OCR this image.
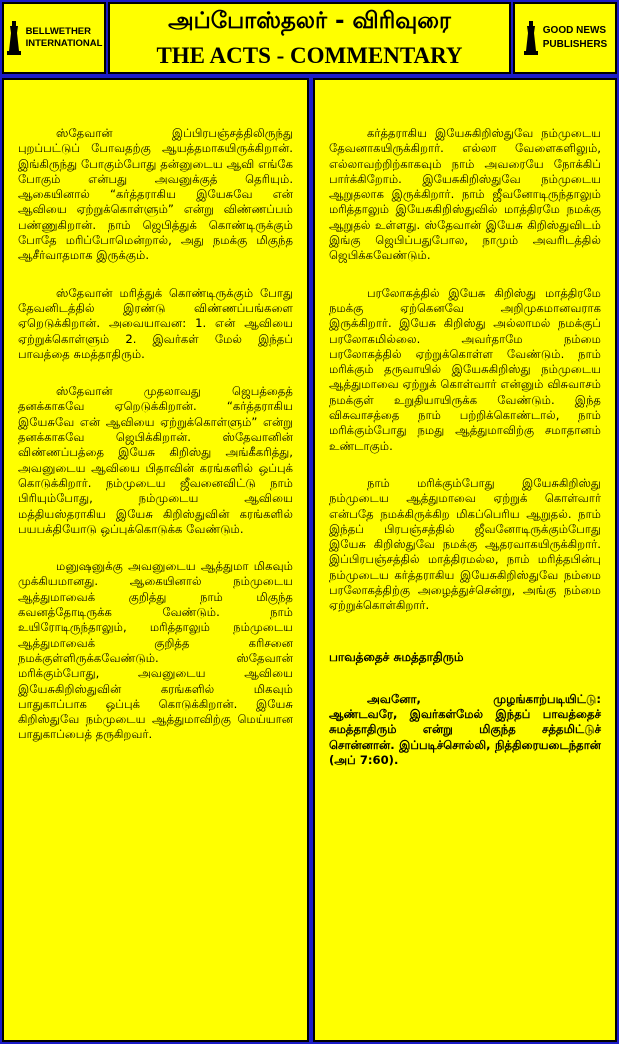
BELLWETHER
INTERNATIONAL
அப்போஸ்தலர் - விரிவுரை
THE ACTS - COMMENTARY
GOOD NEWS
PUBLISHERS

ஸ்தேவான் இப்பிரபஞ்சத்திலிருந்து புறப்பட்டுப் போவதற்கு ஆயத்தமாகயிருக்கிறான். இங்கிருந்து போகும்போது தன்னுடைய ஆவி எங்கே போகும் என்பது அவனுக்குத் தெரியும். ஆகையினால் “கர்த்தராகிய இயேசுவே என் ஆவியை ஏற்றுக்கொள்ளும்” என்று விண்ணப்பம் பண்ணுகிறான். நாம் ஜெபித்துக் கொண்டிருக்கும் போதே மரிப்போமென்றால், அது நமக்கு மிகுந்த ஆசீர்வாதமாக இருக்கும்.

ஸ்தேவான் மரித்துக் கொண்டிருக்கும் போது தேவனிடத்தில் இரண்டு விண்ணப்பங்களை ஏறெடுக்கிறான். அவையாவன: 1. என் ஆவியை ஏற்றுக்கொள்ளும் 2. இவர்கள் மேல் இந்தப் பாவத்தை சுமத்தாதிரும்.

ஸ்தேவான் முதலாவது ஜெபத்தைத் தனக்காகவே ஏறெடுக்கிறான். “கர்த்தராகிய இயேசுவே என் ஆவியை ஏற்றுக்கொள்ளும்” என்று தனக்காகவே ஜெபிக்கிறான். ஸ்தேவானின் விண்ணப்பத்தை இயேசு கிறிஸ்து அங்கீகரித்து, அவனுடைய ஆவியை பிதாவின் கரங்களில் ஒப்புக் கொடுக்கிறார். நம்முடைய ஜீவனைவிட்டு நாம் பிரியும்போது, நம்முடைய ஆவியை மத்தியஸ்தராகிய இயேசு கிறிஸ்துவின் கரங்களில் பயபக்தியோடு ஒப்புக்கொடுக்க வேண்டும்.

மனுஷனுக்கு அவனுடைய ஆத்துமா மிகவும் முக்கியமானது. ஆகையினால் நம்முடைய ஆத்துமாவைக் குறித்து நாம் மிகுந்த கவனத்தோடிருக்க வேண்டும். நாம் உயிரோடிருந்தாலும், மரித்தாலும் நம்முடைய ஆத்துமாவைக் குறித்த கரிசனை நமக்குள்ளிருக்கவேண்டும். ஸ்தேவான் மரிக்கும்போது, அவனுடைய ஆவியை இயேசுகிறிஸ்துவின் கரங்களில் மிகவும் பாதுகாப்பாக ஒப்புக் கொடுக்கிறான். இயேசு கிறிஸ்துவே நம்முடைய ஆத்துமாவிற்கு மெய்யான பாதுகாப்பைத் தருகிறவர்.

கர்த்தராகிய இயேசுகிறிஸ்துவே நம்முடைய தேவனாகயிருக்கிறார். எல்லா வேளைகளிலும், எல்லாவற்றிற்காகவும் நாம் அவரையே நோக்கிப் பார்க்கிறோம். இயேசுகிறிஸ்துவே நம்முடைய ஆறுதலாக இருக்கிறார். நாம் ஜீவனோடிருந்தாலும் மரித்தாலும் இயேசுகிறிஸ்துவில் மாத்திரமே நமக்கு ஆறுதல் உள்ளது. ஸ்தேவான் இயேசு கிறிஸ்துவிடம் இங்கு ஜெபிப்பதுபோல, நாமும் அவரிடத்தில் ஜெபிக்கவேண்டும்.

பரலோகத்தில் இயேசு கிறிஸ்து மாத்திரமே நமக்கு ஏற்கெனவே அறிமுகமானவராக இருக்கிறார். இயேசு கிறிஸ்து அல்லாமல் நமக்குப் பரலோகமில்லை. அவர்தாமே நம்மை பரலோகத்தில் ஏற்றுக்கொள்ள வேண்டும். நாம் மரிக்கும் தருவாயில் இயேசுகிறிஸ்து நம்முடைய ஆத்துமாவை ஏற்றுக் கொள்வார் என்னும் விசுவாசம் நமக்குள் உறுதியாயிருக்க வேண்டும். இந்த விசுவாசத்தை நாம் பற்றிக்கொண்டால், நாம் மரிக்கும்போது நமது ஆத்துமாவிற்கு சமாதானம் உண்டாகும்.

நாம் மரிக்கும்போது இயேசுகிறிஸ்து நம்முடைய ஆத்துமாவை ஏற்றுக் கொள்வார் என்பதே நமக்கிருக்கிற மிகப்பெரிய ஆறுதல். நாம் இந்தப் பிரபஞ்சத்தில் ஜீவனோடிருக்கும்போது இயேசு கிறிஸ்துவே நமக்கு ஆதரவாகயிருக்கிறார். இப்பிரபஞ்சத்தில் மாத்திரமல்ல, நாம் மரித்தபின்பு நம்முடைய கர்த்தராகிய இயேசுகிறிஸ்துவே நம்மை பரலோகத்திற்கு அழைத்துச்சென்று, அங்கு நம்மை ஏற்றுக்கொள்கிறார்.

பாவத்தைச் சுமத்தாதிரும்

அவனோ, முழங்காற்படியிட்டு: ஆண்டவரே, இவர்கள்மேல் இந்தப் பாவத்தைச் சுமத்தாதிரும் என்று மிகுந்த சத்தமிட்டுச் சொன்னான். இப்படிச்சொல்லி, நித்திரையடைந்தான் (அப் 7:60).
